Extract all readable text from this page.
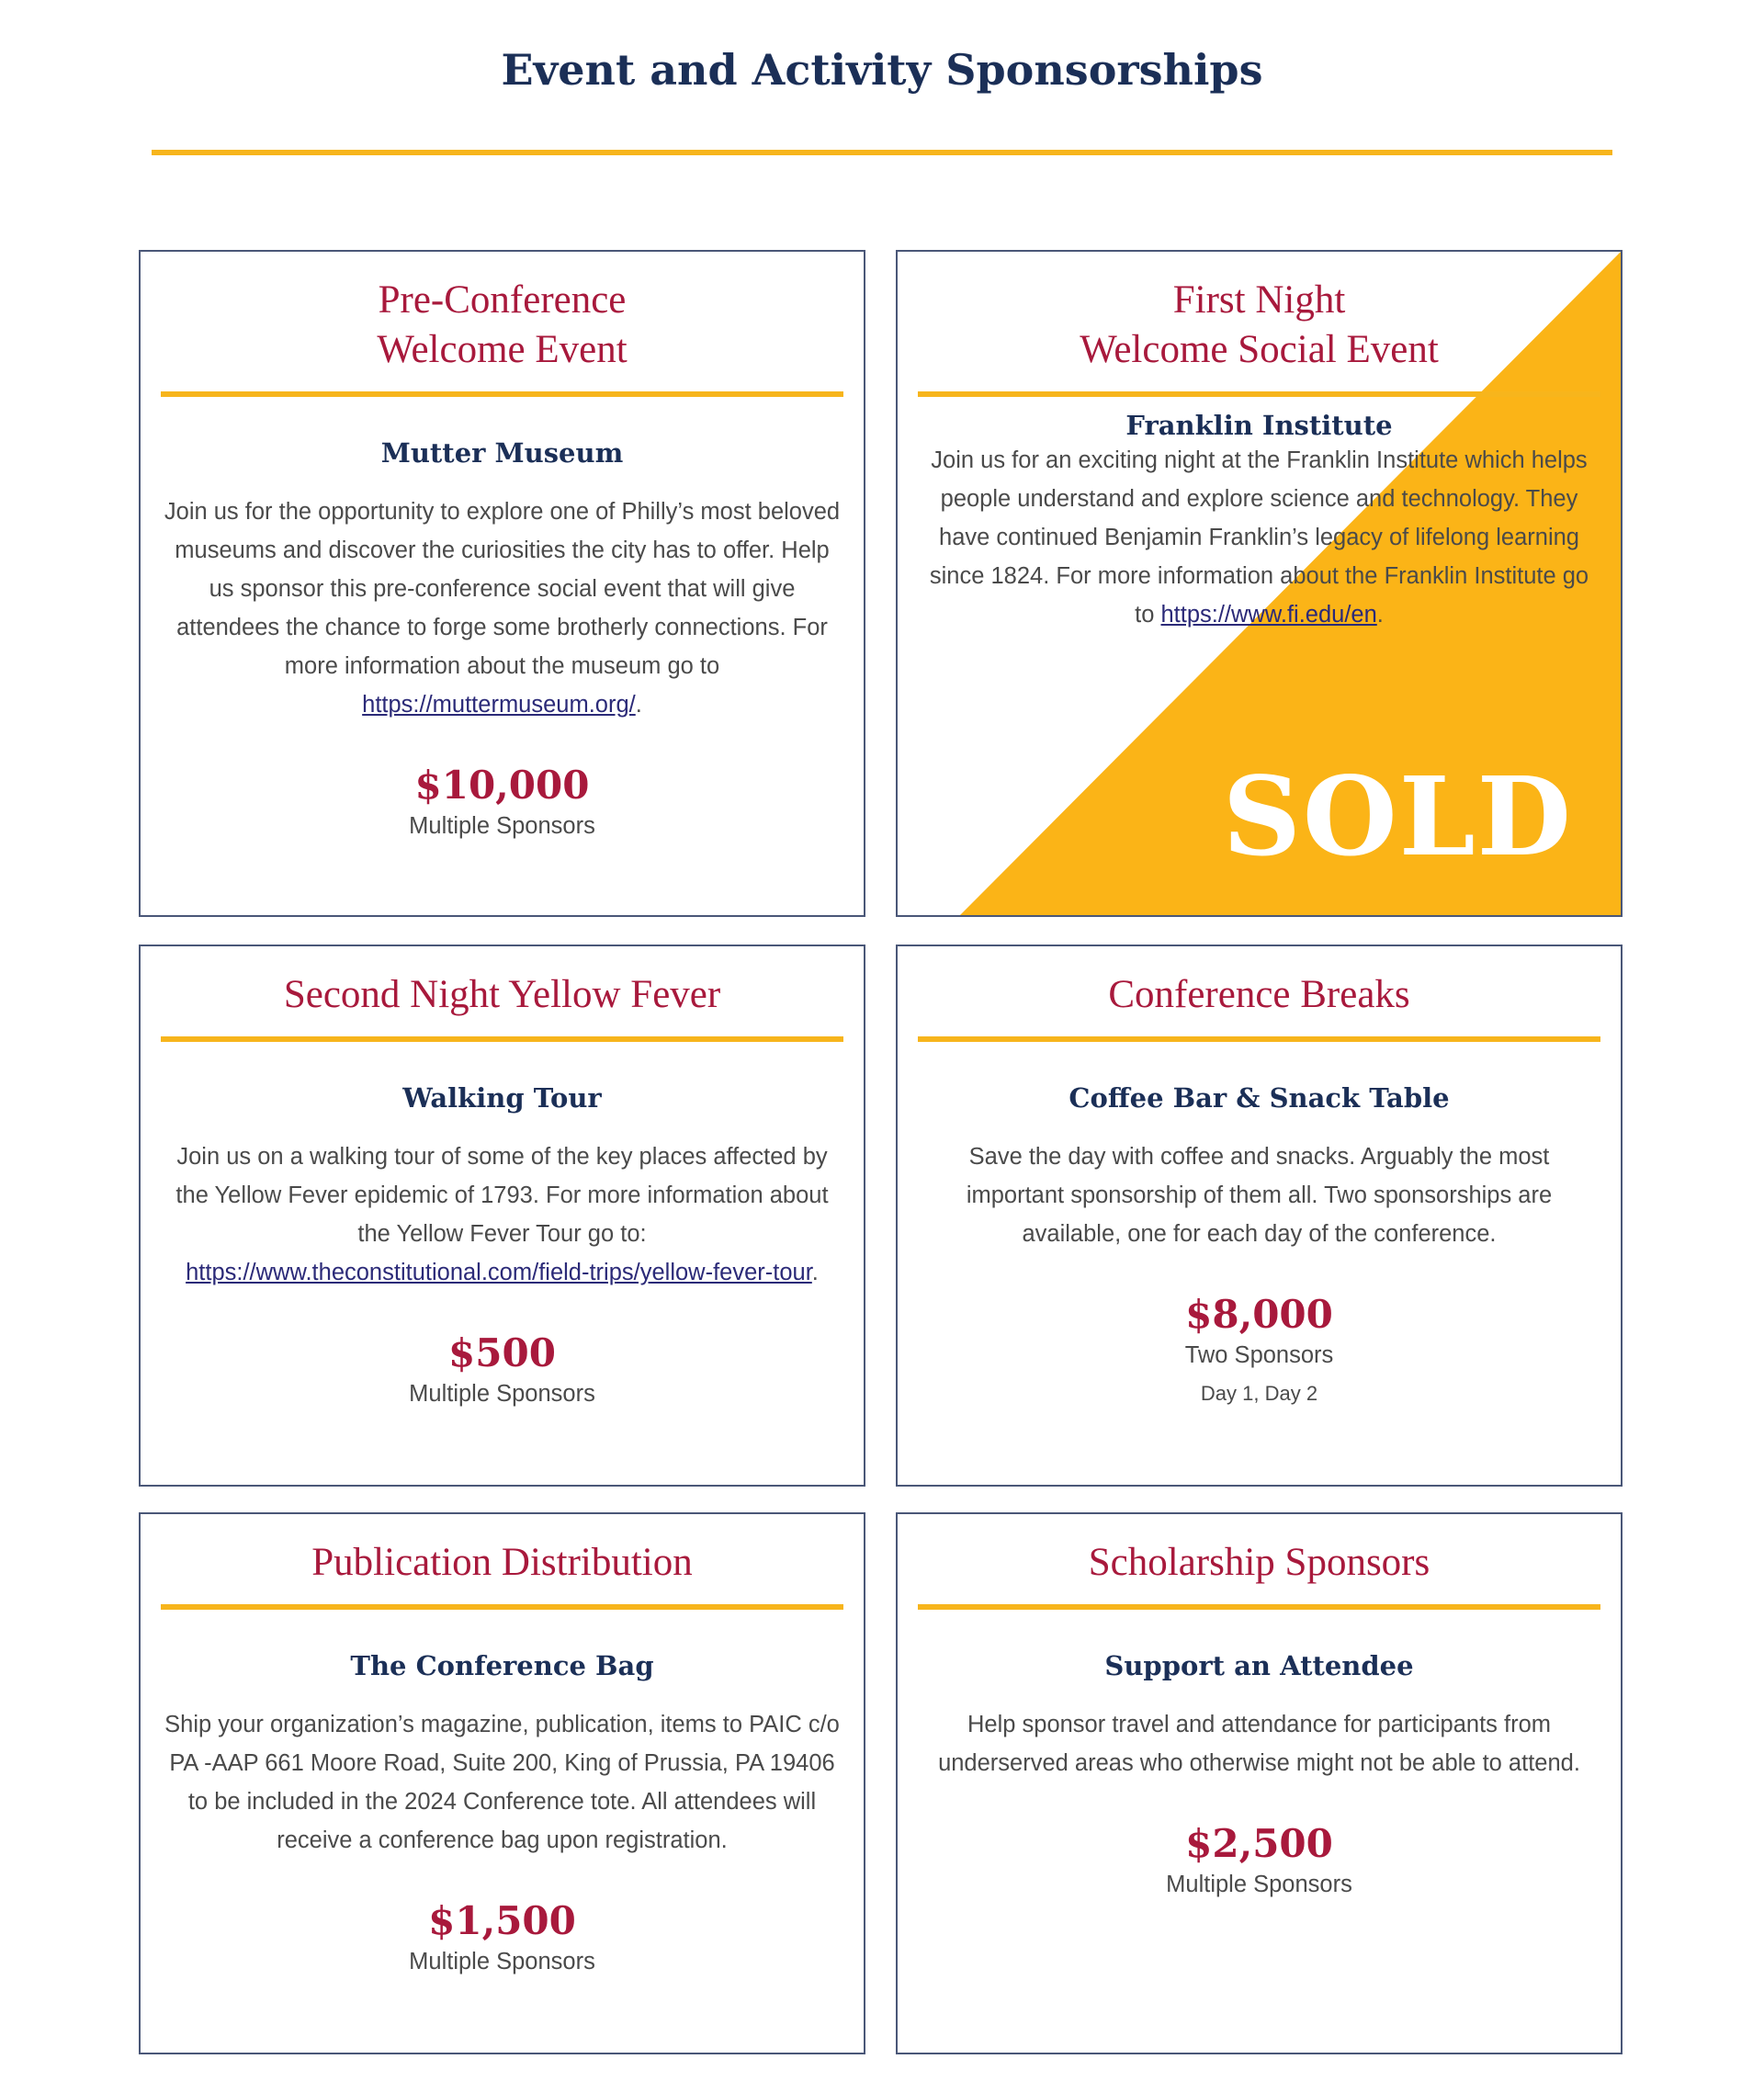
Event and Activity Sponsorships
Pre-Conference
Welcome Event
Mutter Museum
Join us for the opportunity to explore one of Philly’s most beloved museums and discover the curiosities the city has to offer. Help us sponsor this pre-conference social event that will give attendees the chance to forge some brotherly connections. For more information about the museum go to https://muttermuseum.org/.
$10,000
Multiple Sponsors
First Night
Welcome Social Event
Franklin Institute
Join us for an exciting night at the Franklin Institute which helps people understand and explore science and technology. They have continued Benjamin Franklin’s legacy of lifelong learning since 1824. For more information about the Franklin Institute go to https://www.fi.edu/en.
SOLD
Second Night Yellow Fever
Walking Tour
Join us on a walking tour of some of the key places affected by the Yellow Fever epidemic of 1793. For more information about the Yellow Fever Tour go to: https://www.theconstitutional.com/field-trips/yellow-fever-tour.
$500
Multiple Sponsors
Conference Breaks
Coffee Bar & Snack Table
Save the day with coffee and snacks. Arguably the most important sponsorship of them all. Two sponsorships are available, one for each day of the conference.
$8,000
Two Sponsors
Day 1, Day 2
Publication Distribution
The Conference Bag
Ship your organization’s magazine, publication, items to PAIC c/o PA -AAP 661 Moore Road, Suite 200, King of Prussia, PA 19406 to be included in the 2024 Conference tote. All attendees will receive a conference bag upon registration.
$1,500
Multiple Sponsors
Scholarship Sponsors
Support an Attendee
Help sponsor travel and attendance for participants from underserved areas who otherwise might not be able to attend.
$2,500
Multiple Sponsors
